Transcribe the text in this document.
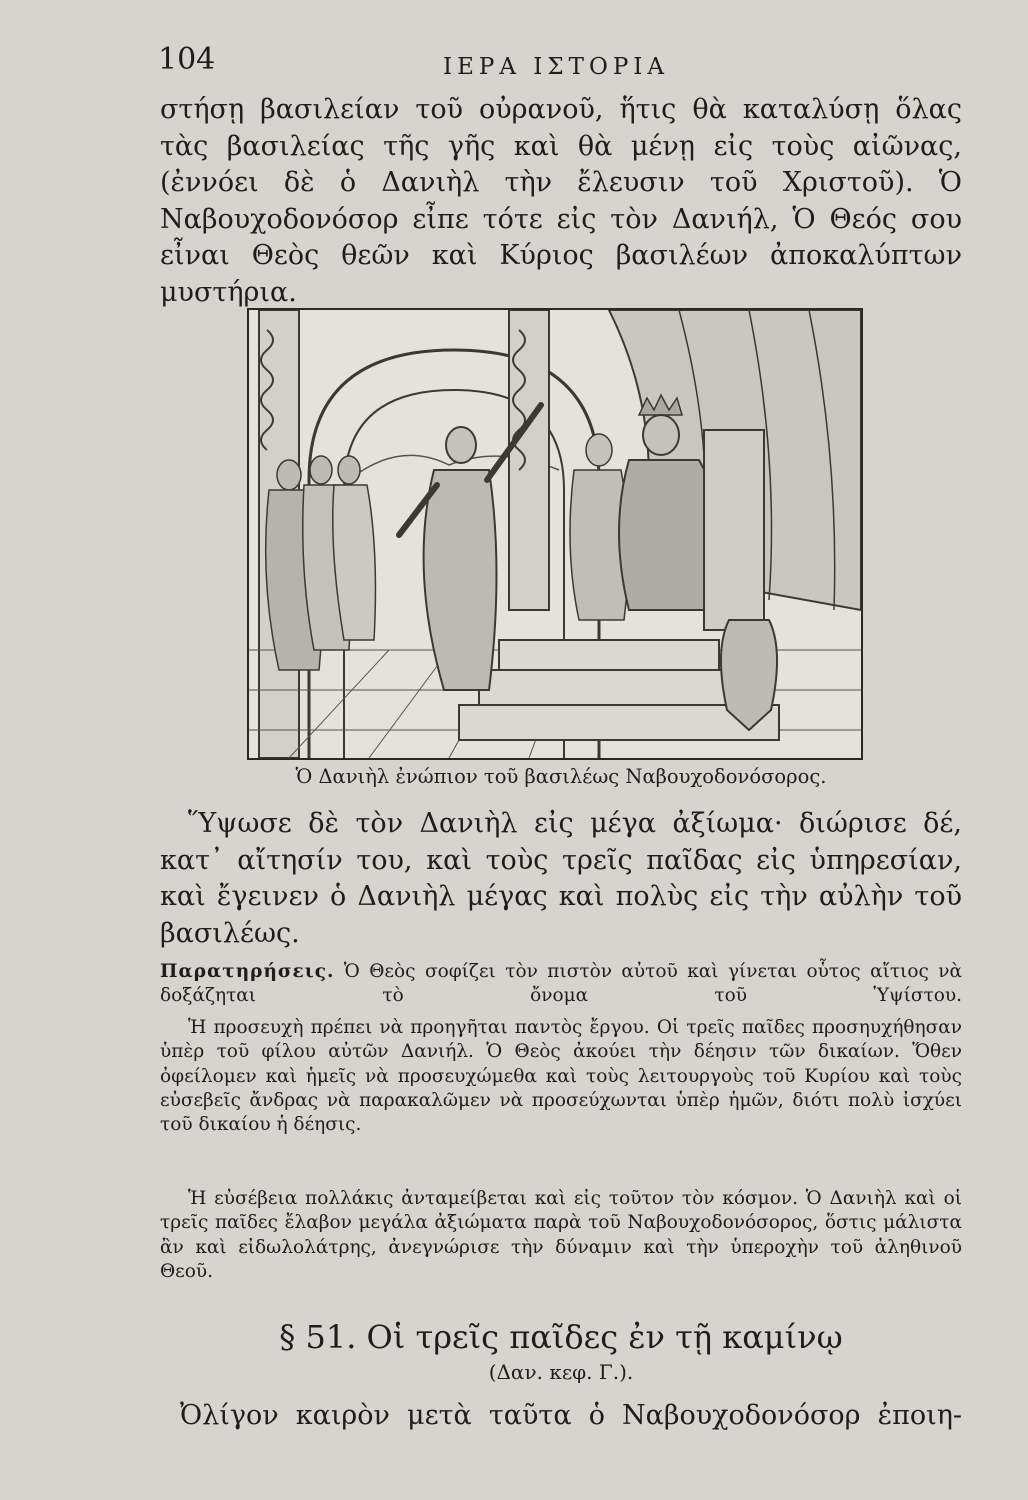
104	ΙΕΡΑ ΙΣΤΟΡΙΑ

στήσῃ βασιλείαν τοῦ οὐρανοῦ, ἥτις θὰ καταλύσῃ ὅλας τὰς βασιλείας τῆς γῆς καὶ θὰ μένῃ εἰς τοὺς αἰῶνας, (ἐννόει δὲ ὁ Δανιὴλ τὴν ἔλευσιν τοῦ Χριστοῦ). Ὁ Ναβουχοδονόσορ εἶπε τότε εἰς τὸν Δανιήλ, Ὁ Θεός σου εἶναι Θεὸς θεῶν καὶ Κύριος βασιλέων ἀποκαλύπτων μυστήρια.

Ὁ Δανιὴλ ἐνώπιον τοῦ βασιλέως Ναβουχοδονόσορος.

Ὕψωσε δὲ τὸν Δανιὴλ εἰς μέγα ἀξίωμα· διώρισε δέ, κατ᾽ αἴτησίν του, καὶ τοὺς τρεῖς παῖδας εἰς ὑπηρεσίαν, καὶ ἔγεινεν ὁ Δανιὴλ μέγας καὶ πολὺς εἰς τὴν αὐλὴν τοῦ βασιλέως.

Παρατηρήσεις. Ὁ Θεὸς σοφίζει τὸν πιστὸν αὐτοῦ καὶ γίνεται οὗτος αἴτιος νὰ δοξάζηται τὸ ὄνομα τοῦ Ὑψίστου.

Ἡ προσευχὴ πρέπει νὰ προηγῆται παντὸς ἔργου. Οἱ τρεῖς παῖδες προσηυχήθησαν ὑπὲρ τοῦ φίλου αὐτῶν Δανιήλ. Ὁ Θεὸς ἀκούει τὴν δέησιν τῶν δικαίων. Ὅθεν ὀφείλομεν καὶ ἡμεῖς νὰ προσευχώμεθα καὶ τοὺς λειτουργοὺς τοῦ Κυρίου καὶ τοὺς εὐσεβεῖς ἄνδρας νὰ παρακαλῶμεν νὰ προσεύχωνται ὑπὲρ ἡμῶν, διότι πολὺ ἰσχύει τοῦ δικαίου ἡ δέησις.

Ἡ εὐσέβεια πολλάκις ἀνταμείβεται καὶ εἰς τοῦτον τὸν κόσμον. Ὁ Δανιὴλ καὶ οἱ τρεῖς παῖδες ἔλαβον μεγάλα ἀξιώματα παρὰ τοῦ Ναβουχοδονόσορος, ὅστις μάλιστα ἂν καὶ εἰδωλολάτρης, ἀνεγνώρισε τὴν δύναμιν καὶ τὴν ὑπεροχὴν τοῦ ἀληθινοῦ Θεοῦ.

§ 51. Οἱ τρεῖς παῖδες ἐν τῇ καμίνῳ
(Δαν. κεφ. Γ.).
Ὀλίγον καιρὸν μετὰ ταῦτα ὁ Ναβουχοδονόσορ ἐποιη-
